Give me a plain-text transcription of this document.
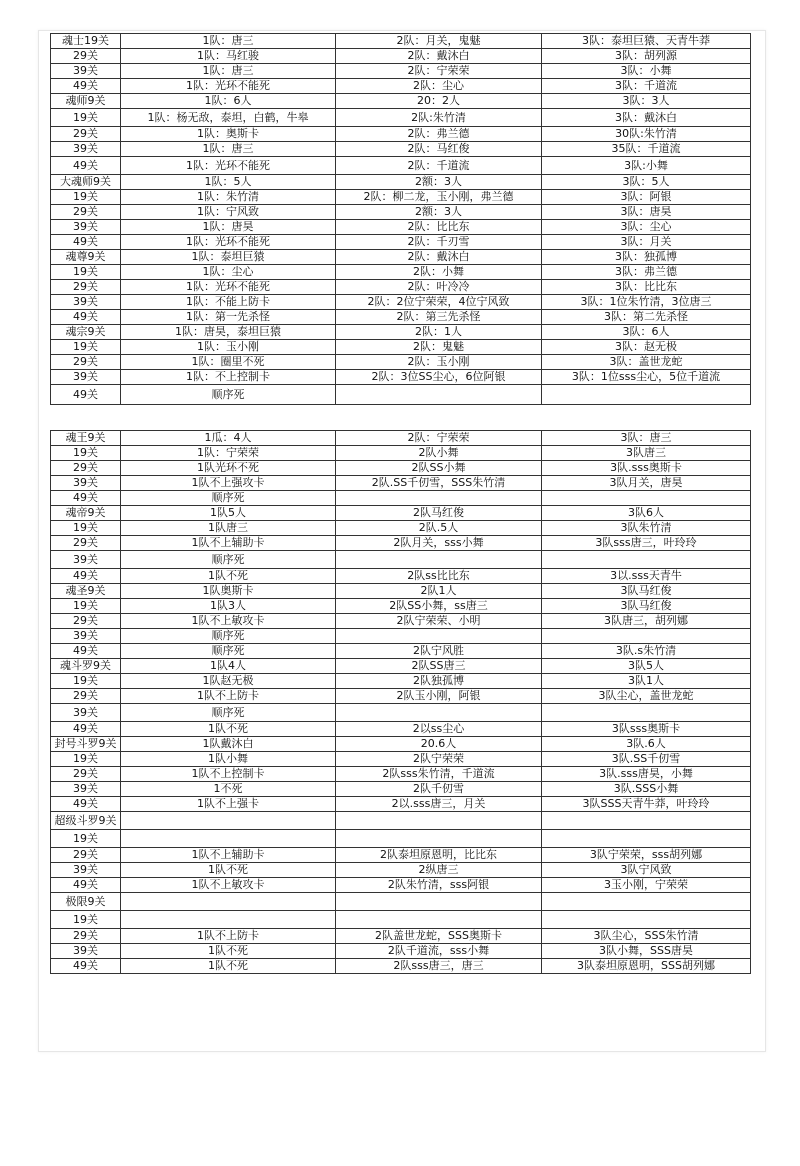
魂士19关	1队：唐三	2队：月关，鬼魅	3队：泰坦巨猿、天青牛莽
29关	1队：马红骏	2队：戴沐白	3队：胡列源
39关	1队：唐三	2队：宁荣荣	3队：小舞
49关	1队：光环不能死	2队：尘心	3队：千道流
魂师9关	1队：6人	20：2人	3队：3人
19关	1队：杨无敌，泰坦，白鹤，牛皋	2队:朱竹清	3队：戴沐白
29关	1队：奥斯卡	2队：弗兰德	30队:朱竹清
39关	1队：唐三	2队：马红俊	35队：千道流
49关	1队：光环不能死	2队：千道流	3队:小舞
大魂师9关	1队：5人	2额：3人	3队：5人
19关	1队：朱竹清	2队：柳二龙，玉小刚，弗兰德	3队：阿银
29关	1队：宁风致	2额：3人	3队：唐昊
39关	1队：唐昊	2队：比比东	3队：尘心
49关	1队：光环不能死	2队：千刃雪	3队：月关
魂尊9关	1队：泰坦巨猿	2队：戴沐白	3队：独孤博
19关	1队：尘心	2队：小舞	3队：弗兰德
29关	1队：光环不能死	2队：叶冷冷	3队：比比东
39关	1队：不能上防卡	2队：2位宁荣荣，4位宁风致	3队：1位朱竹清，3位唐三
49关	1队：第一先杀怪	2队：第三先杀怪	3队：第二先杀怪
魂宗9关	1队：唐昊，泰坦巨猿	2队：1人	3队：6人
19关	1队：玉小刚	2队：鬼魅	3队：赵无极
29关	1队：圈里不死	2队：玉小刚	3队：盖世龙蛇
39关	1队：不上控制卡	2队：3位SS尘心，6位阿银	3队：1位sss尘心，5位千道流
49关	顺序死		

魂王9关	1瓜：4人	2队：宁荣荣	3队：唐三
19关	1队：宁荣荣	2队小舞	3队唐三
29关	1队光环不死	2队SS小舞	3队.sss奥斯卡
39关	1队不上强攻卡	2队.SS千仞雪，SSS朱竹清	3队月关，唐昊
49关	顺序死		
魂帝9关	1队5人	2队马红俊	3队6人
19关	1队唐三	2队.5人	3队朱竹清
29关	1队不上辅助卡	2队月关，sss小舞	3队sss唐三，叶玲玲
39关	顺序死		
49关	1队不死	2队ss比比东	3以.sss天青牛
魂圣9关	1队奥斯卡	2队1人	3队马红俊
19关	1队3人	2队SS小舞，ss唐三	3队马红俊
29关	1队不上敏攻卡	2队宁荣荣、小明	3队唐三，胡列娜
39关	顺序死		
49关	顺序死	2队宁风胜	3队.s朱竹清
魂斗罗9关	1队4人	2队SS唐三	3队5人
19关	1队赵无极	2队独孤博	3队1人
29关	1队不上防卡	2队玉小刚，阿银	3队尘心，盖世龙蛇
39关	顺序死		
49关	1队不死	2以ss尘心	3队sss奥斯卡
封号斗罗9关	1队戴沐白	20.6人	3队.6人
19关	1队小舞	2队宁荣荣	3队.SS千仞雪
29关	1队不上控制卡	2队sss朱竹清，千道流	3队.sss唐昊，小舞
39关	1不死	2队千仞雪	3队.SSS小舞
49关	1队不上强卡	2以.sss唐三，月关	3队SSS天青牛莽，叶玲玲
超级斗罗9关			
19关			
29关	1队不上辅助卡	2队泰坦原恩明，比比东	3队宁荣荣，sss胡列娜
39关	1队不死	2纵唐三	3队宁风致
49关	1队不上敏攻卡	2队朱竹清，sss阿银	3玉小刚，宁荣荣
极限9关			
19关			
29关	1队不上防卡	2队盖世龙蛇，SSS奥斯卡	3队尘心，SSS朱竹清
39关	1队不死	2队千道流，sss小舞	3队小舞，SSS唐昊
49关	1队不死	2队sss唐三，唐三	3队泰坦原恩明，SSS胡列娜
